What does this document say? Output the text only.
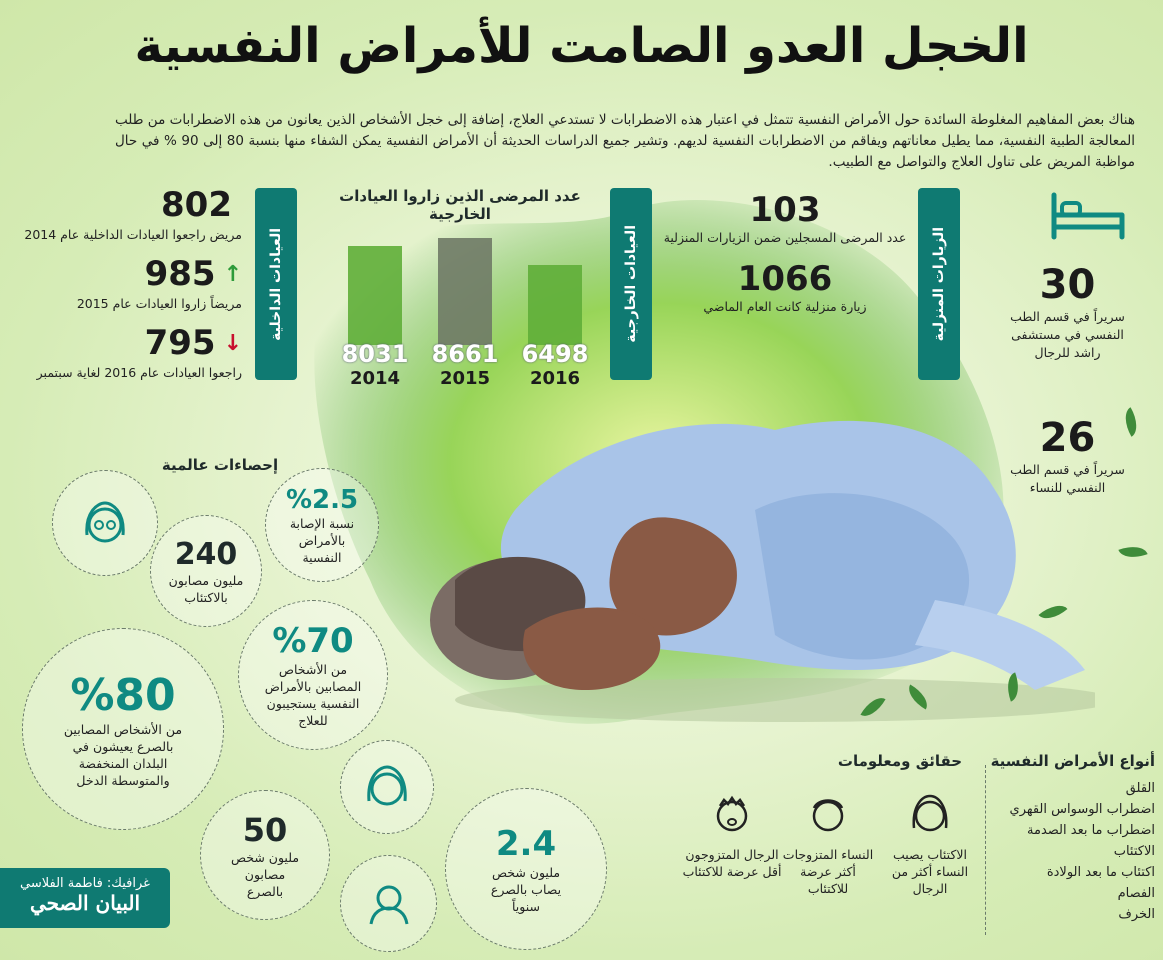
الخجل العدو الصامت للأمراض النفسية
هناك بعض المفاهيم المغلوطة السائدة حول الأمراض النفسية تتمثل في اعتبار هذه الاضطرابات لا تستدعي العلاج، إضافة إلى خجل الأشخاص الذين يعانون من هذه الاضطرابات من طلب المعالجة الطبية النفسية، مما يطيل معاناتهم ويفاقم من الاضطرابات النفسية لديهم. وتشير جميع الدراسات الحديثة أن الأمراض النفسية يمكن الشفاء منها بنسبة 80 إلى 90 % في حال مواظبة المريض على تناول العلاج والتواصل مع الطبيب.
العيادات الداخلية
802
مريض راجعوا العيادات الداخلية عام 2014
985 ↑
مريضاً زاروا العيادات عام 2015
795 ↓
راجعوا العيادات عام 2016 لغاية سبتمبر
عدد المرضى الذين زاروا العيادات الخارجية
8031
2014
8661
2015
6498
2016
العيادات الخارجية
103
عدد المرضى المسجلين ضمن الزيارات المنزلية
1066
زيارة منزلية كانت العام الماضي	الزيارات المنزلية	30
سريراً في قسم الطب النفسي في مستشفى راشد للرجال
26
سريراً في قسم الطب النفسي للنساء
إحصاءات عالمية
%2.5
نسبة الإصابة بالأمراض النفسية
240
مليون مصابون بالاكتئاب
%70
من الأشخاص المصابين بالأمراض النفسية يستجيبون للعلاج
%80
من الأشخاص المصابين بالصرع يعيشون في البلدان المنخفضة والمتوسطة الدخل
50
مليون شخص مصابون بالصرع
2.4
مليون شخص يصاب بالصرع سنوياً
غرافيك: فاطمة الفلاسي
البيان الصحي
حقائق ومعلومات
الاكتئاب يصيب النساء أكثر من الرجال
النساء المتزوجات أكثر عرضة للاكتئاب
الرجال المتزوجون أقل عرضة للاكتئاب
أنواع الأمراض النفسية
القلق
اضطراب الوسواس القهري
اضطراب ما بعد الصدمة
الاكتئاب
اكتئاب ما بعد الولادة
الفصام
الخرف
